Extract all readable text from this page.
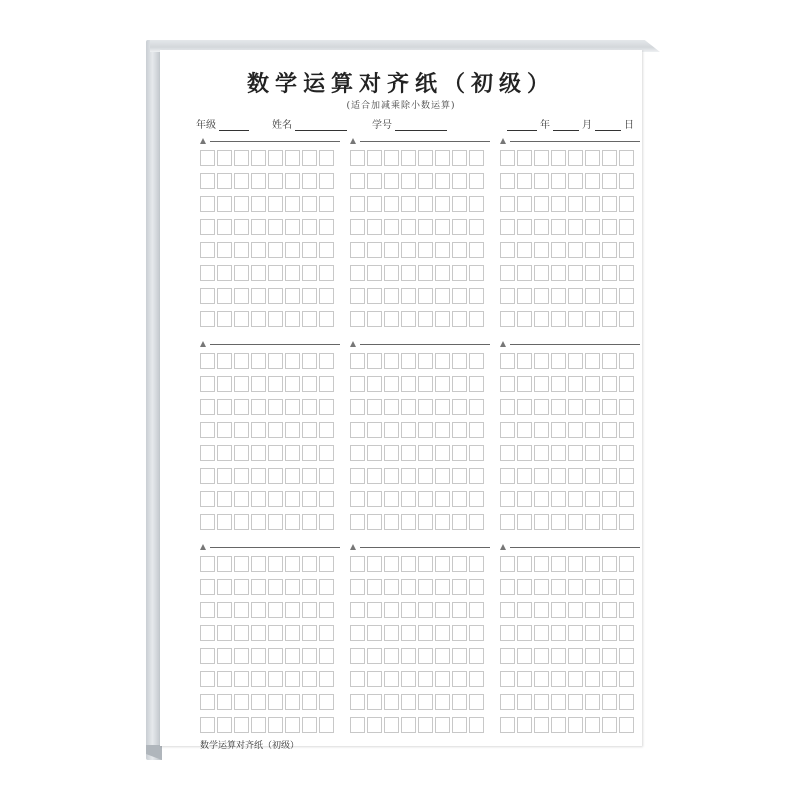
数学运算对齐纸（初级）
(适合加减乘除小数运算)
年级	姓名	学号	年	月	日
数学运算对齐纸（初级）
